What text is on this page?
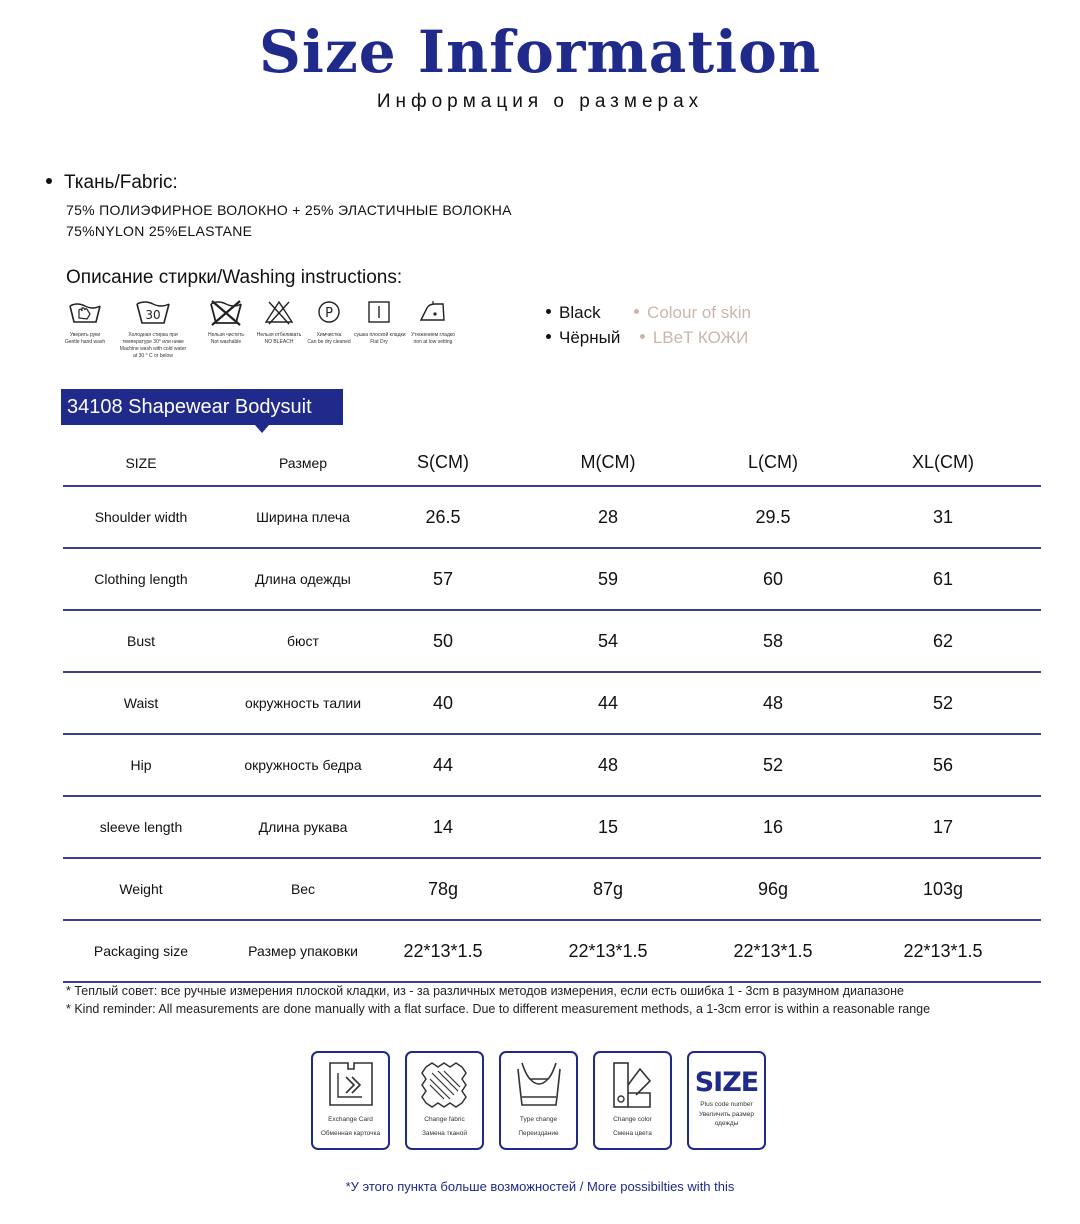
Size Information
Информация о размерах
Ткань/Fabric:
75% ПОЛИЭФИРНОЕ ВОЛОКНО + 25% ЭЛАСТИЧНЫЕ ВОЛОКНА
75%NYLON 25%ELASTANE
Описание стирки/Washing instructions:
Уверить руки
Gentle hand wash
30
Холодная стирка при температуре 30° или ниже
Machine wash with cold water at 30 ° C or below
Нельзя чистить
Not washable
Нельзя отбеливать
NO BLEACH
P
Химчистка
Can be dry cleaned
сушка плоской кладки
Flat Dry
Утюжением гладко
iron at low setting
Black	Colour of skin
Чёрный LBeT КОЖИ
34108 Shapewear Bodysuit
SIZE	Размер	S(CM)	M(CM)	L(CM)	XL(CM)
Shoulder width	Ширина плеча	26.5	28	29.5	31
Clothing length	Длина одежды	57	59	60	61
Bust	бюст	50	54	58	62
Waist	окружность талии	40	44	48	52
Hip	окружность бедра	44	48	52	56
sleeve length	Длина рукава	14	15	16	17
Weight	Вес	78g	87g	96g	103g
Packaging size	Размер упаковки	22*13*1.5	22*13*1.5	22*13*1.5	22*13*1.5
* Теплый совет: все ручные измерения плоской кладки, из - за различных методов измерения, если есть ошибка 1 - 3cm в разумном диапазоне
* Kind reminder: All measurements are done manually with a flat surface. Due to different measurement methods, a 1-3cm error is within a reasonable range
Exchange Card
Обменная карточка
Change fabric
Замена тканой
Type change
Переиздание
Change color
Смена цвета
SIZE
Plus code number
Увеличить размер одежды
*У этого пункта больше возможностей / More possibilties with this
